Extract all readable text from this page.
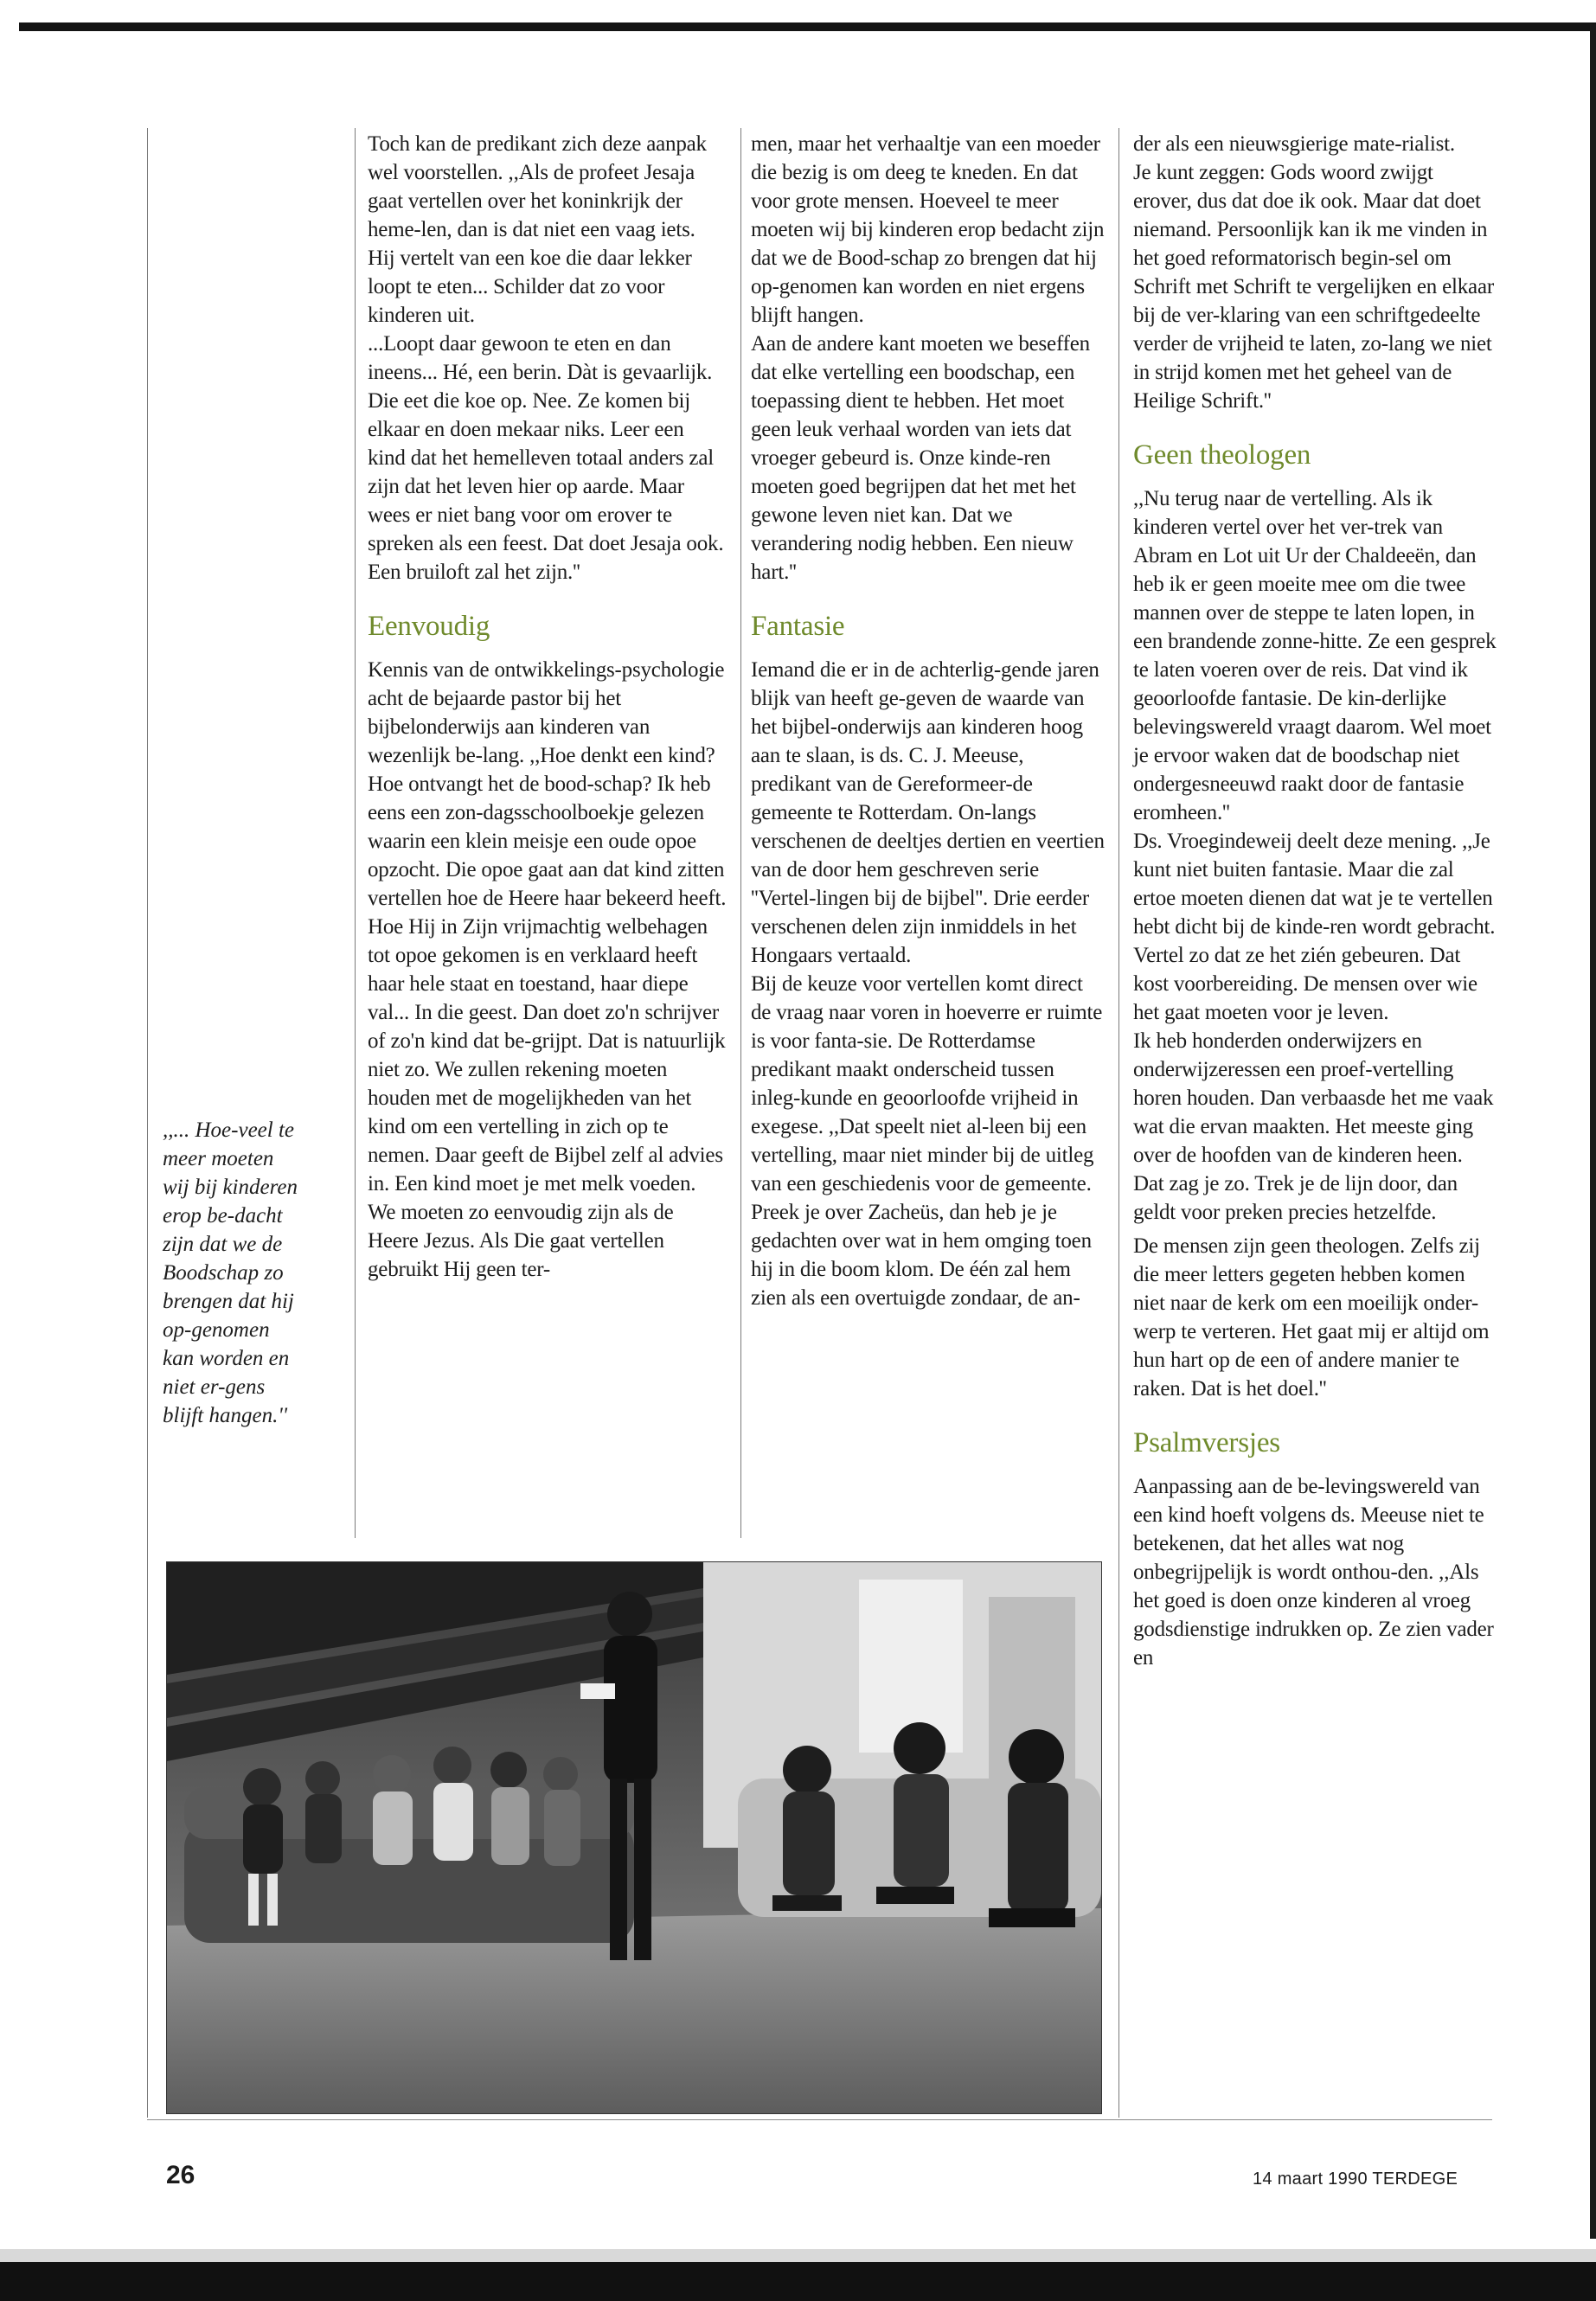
,,... Hoe-veel te meer moeten wij bij kinderen erop be-dacht zijn dat we de Boodschap zo brengen dat hij op-genomen kan worden en niet er-gens blijft hangen.''

Toch kan de predikant zich deze aanpak wel voorstellen. ,,Als de profeet Jesaja gaat vertellen over het koninkrijk der heme-len, dan is dat niet een vaag iets. Hij vertelt van een koe die daar lekker loopt te eten... Schilder dat zo voor kinderen uit.

...Loopt daar gewoon te eten en dan ineens... Hé, een berin. Dàt is gevaarlijk. Die eet die koe op. Nee. Ze komen bij elkaar en doen mekaar niks. Leer een kind dat het hemelleven totaal anders zal zijn dat het leven hier op aarde. Maar wees er niet bang voor om erover te spreken als een feest. Dat doet Jesaja ook. Een bruiloft zal het zijn.''

Eenvoudig

Kennis van de ontwikkelings-psychologie acht de bejaarde pastor bij het bijbelonderwijs aan kinderen van wezenlijk be-lang. ,,Hoe denkt een kind? Hoe ontvangt het de bood-schap? Ik heb eens een zon-dagsschoolboekje gelezen waarin een klein meisje een oude opoe opzocht. Die opoe gaat aan dat kind zitten vertellen hoe de Heere haar bekeerd heeft. Hoe Hij in Zijn vrijmachtig welbehagen tot opoe gekomen is en verklaard heeft haar hele staat en toestand, haar diepe val... In die geest. Dan doet zo'n schrijver of zo'n kind dat be-grijpt. Dat is natuurlijk niet zo. We zullen rekening moeten houden met de mogelijkheden van het kind om een vertelling in zich op te nemen. Daar geeft de Bijbel zelf al advies in. Een kind moet je met melk voeden. We moeten zo eenvoudig zijn als de Heere Jezus. Als Die gaat vertellen gebruikt Hij geen ter-

men, maar het verhaaltje van een moeder die bezig is om deeg te kneden. En dat voor grote mensen. Hoeveel te meer moeten wij bij kinderen erop bedacht zijn dat we de Bood-schap zo brengen dat hij op-genomen kan worden en niet ergens blijft hangen.

Aan de andere kant moeten we beseffen dat elke vertelling een boodschap, een toepassing dient te hebben. Het moet geen leuk verhaal worden van iets dat vroeger gebeurd is. Onze kinde-ren moeten goed begrijpen dat het met het gewone leven niet kan. Dat we verandering nodig hebben. Een nieuw hart.''

Fantasie

Iemand die er in de achterlig-gende jaren blijk van heeft ge-geven de waarde van het bijbel-onderwijs aan kinderen hoog aan te slaan, is ds. C. J. Meeuse, predikant van de Gereformeer-de gemeente te Rotterdam. On-langs verschenen de deeltjes dertien en veertien van de door hem geschreven serie ''Vertel-lingen bij de bijbel''. Drie eerder verschenen delen zijn inmiddels in het Hongaars vertaald.

Bij de keuze voor vertellen komt direct de vraag naar voren in hoeverre er ruimte is voor fanta-sie. De Rotterdamse predikant maakt onderscheid tussen inleg-kunde en geoorloofde vrijheid in exegese. ,,Dat speelt niet al-leen bij een vertelling, maar niet minder bij de uitleg van een geschiedenis voor de gemeente. Preek je over Zacheüs, dan heb je je gedachten over wat in hem omging toen hij in die boom klom. De één zal hem zien als een overtuigde zondaar, de an-

der als een nieuwsgierige mate-rialist.

Je kunt zeggen: Gods woord zwijgt erover, dus dat doe ik ook. Maar dat doet niemand. Persoonlijk kan ik me vinden in het goed reformatorisch begin-sel om Schrift met Schrift te vergelijken en elkaar bij de ver-klaring van een schriftgedeelte verder de vrijheid te laten, zo-lang we niet in strijd komen met het geheel van de Heilige Schrift.''

Geen theologen

,,Nu terug naar de vertelling. Als ik kinderen vertel over het ver-trek van Abram en Lot uit Ur der Chaldeeën, dan heb ik er geen moeite mee om die twee mannen over de steppe te laten lopen, in een brandende zonne-hitte. Ze een gesprek te laten voeren over de reis. Dat vind ik geoorloofde fantasie. De kin-derlijke belevingswereld vraagt daarom. Wel moet je ervoor waken dat de boodschap niet ondergesneeuwd raakt door de fantasie eromheen.''

Ds. Vroegindeweij deelt deze mening. ,,Je kunt niet buiten fantasie. Maar die zal ertoe moeten dienen dat wat je te vertellen hebt dicht bij de kinde-ren wordt gebracht. Vertel zo dat ze het zién gebeuren. Dat kost voorbereiding. De mensen over wie het gaat moeten voor je leven.

Ik heb honderden onderwijzers en onderwijzeressen een proef-vertelling horen houden. Dan verbaasde het me vaak wat die ervan maakten. Het meeste ging over de hoofden van de kinderen heen. Dat zag je zo. Trek je de lijn door, dan geldt voor preken precies hetzelfde.

De mensen zijn geen theologen. Zelfs zij die meer letters gegeten hebben komen niet naar de kerk om een moeilijk onder-werp te verteren. Het gaat mij er altijd om hun hart op de een of andere manier te raken. Dat is het doel.''

Psalmversjes

Aanpassing aan de be-levingswereld van een kind hoeft volgens ds. Meeuse niet te betekenen, dat het alles wat nog onbegrijpelijk is wordt onthou-den. ,,Als het goed is doen onze kinderen al vroeg godsdienstige indrukken op. Ze zien vader en

26	14 maart 1990 TERDEGE
